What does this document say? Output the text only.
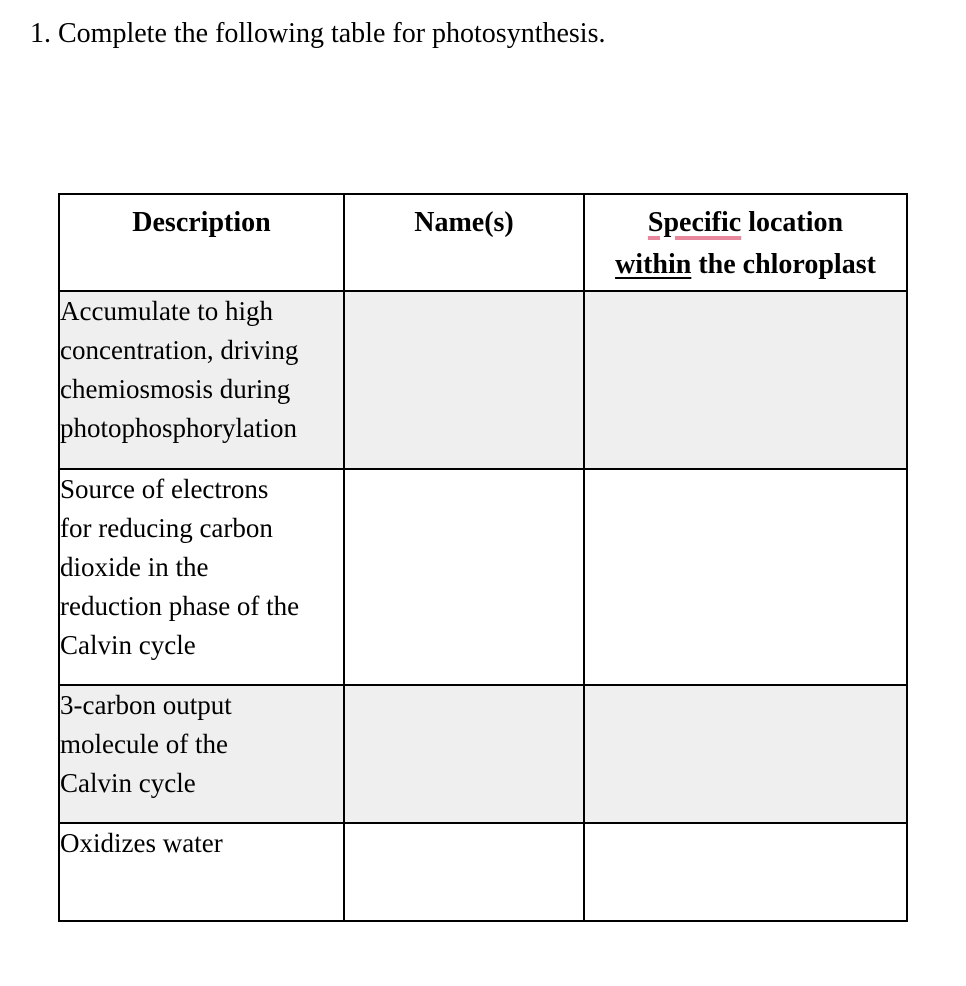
1. Complete the following table for photosynthesis.
Description	Name(s)	Specific location
within the chloroplast

Accumulate to high
concentration, driving
chemiosmosis during
photophosphorylation		

Source of electrons
for reducing carbon
dioxide in the
reduction phase of the
Calvin cycle		

3-carbon output
molecule of the
Calvin cycle		

Oxidizes water		
